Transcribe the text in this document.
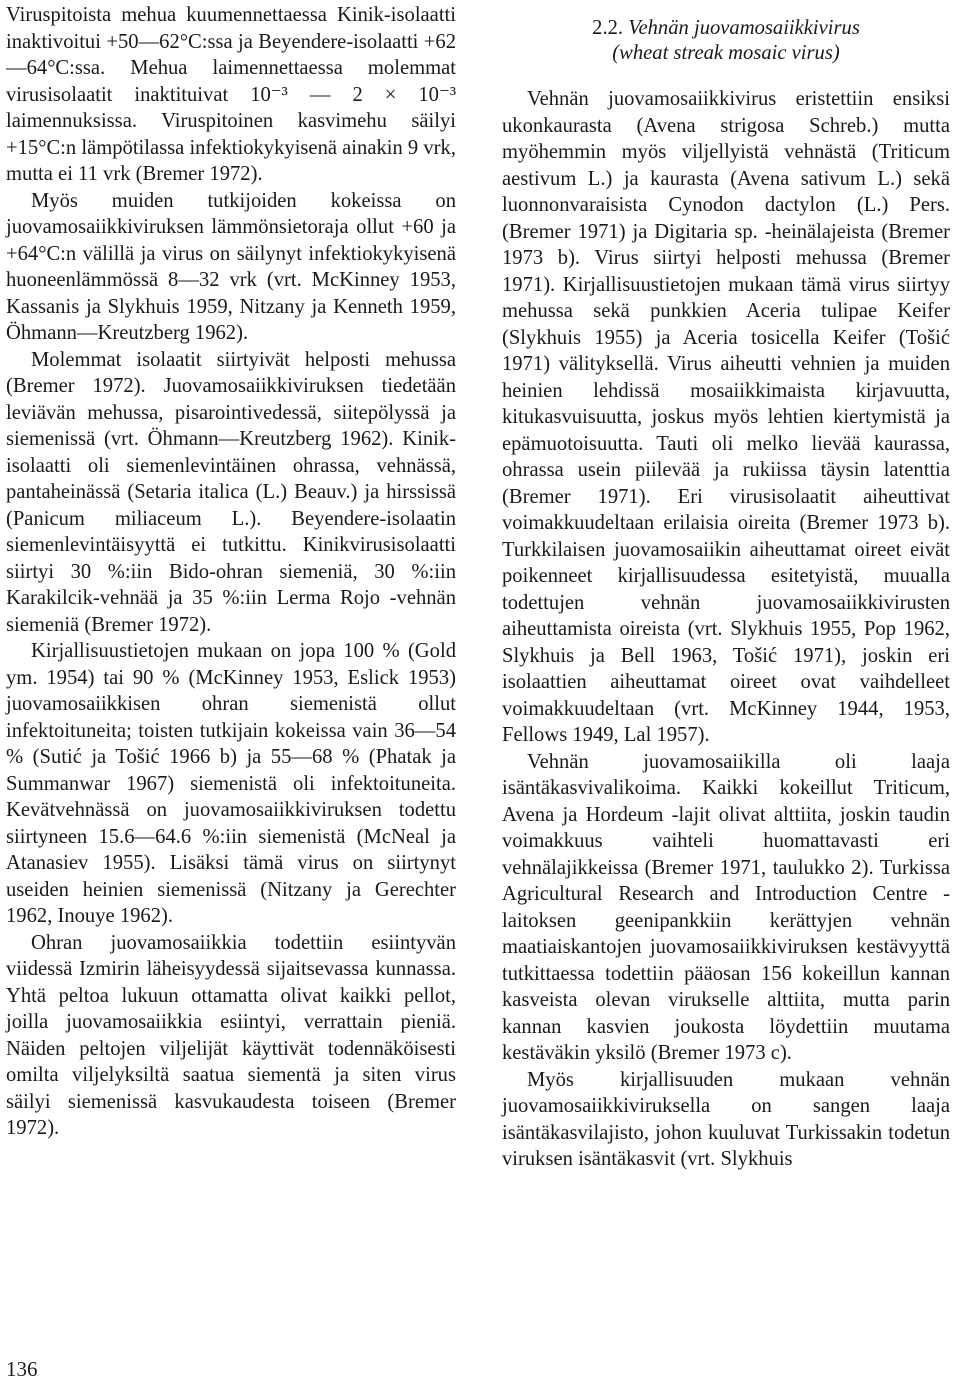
Viruspitoista mehua kuumennettaessa Kinik-isolaatti inaktivoitui +50—62°C:ssa ja Beyendere-isolaatti +62—64°C:ssa. Mehua laimennettaessa molemmat virusisolaatit inaktituivat 10⁻³ — 2 × 10⁻³ laimennuksissa. Viruspitoinen kasvimehu säilyi +15°C:n lämpötilassa infektiokykyisenä ainakin 9 vrk, mutta ei 11 vrk (Bremer 1972).

Myös muiden tutkijoiden kokeissa on juovamosaiikkiviruksen lämmönsietoraja ollut +60 ja +64°C:n välillä ja virus on säilynyt infektiokykyisenä huoneenlämmössä 8—32 vrk (vrt. McKinney 1953, Kassanis ja Slykhuis 1959, Nitzany ja Kenneth 1959, Öhmann—Kreutzberg 1962).

Molemmat isolaatit siirtyivät helposti mehussa (Bremer 1972). Juovamosaiikkiviruksen tiedetään leviävän mehussa, pisarointivedessä, siitepölyssä ja siemenissä (vrt. Öhmann—Kreutzberg 1962). Kinik-isolaatti oli siemenlevintäinen ohrassa, vehnässä, pantaheinässä (Setaria italica (L.) Beauv.) ja hirssissä (Panicum miliaceum L.). Beyendere-isolaatin siemenlevintäisyyttä ei tutkittu. Kinikvirusisolaatti siirtyi 30 %:iin Bido-ohran siemeniä, 30 %:iin Karakilcik-vehnää ja 35 %:iin Lerma Rojo -vehnän siemeniä (Bremer 1972).

Kirjallisuustietojen mukaan on jopa 100 % (Gold ym. 1954) tai 90 % (McKinney 1953, Eslick 1953) juovamosaiikkisen ohran siemenistä ollut infektoituneita; toisten tutkijain kokeissa vain 36—54 % (Sutić ja Tošić 1966 b) ja 55—68 % (Phatak ja Summanwar 1967) siemenistä oli infektoituneita. Kevätvehnässä on juovamosaiikkiviruksen todettu siirtyneen 15.6—64.6 %:iin siemenistä (McNeal ja Atanasiev 1955). Lisäksi tämä virus on siirtynyt useiden heinien siemenissä (Nitzany ja Gerechter 1962, Inouye 1962).

Ohran juovamosaiikkia todettiin esiintyvän viidessä Izmirin läheisyydessä sijaitsevassa kunnassa. Yhtä peltoa lukuun ottamatta olivat kaikki pellot, joilla juovamosaiikkia esiintyi, verrattain pieniä. Näiden peltojen viljelijät käyttivät todennäköisesti omilta viljelyksiltä saatua siementä ja siten virus säilyi siemenissä kasvukaudesta toiseen (Bremer 1972).

2.2. Vehnän juovamosaiikkivirus
(wheat streak mosaic virus)

Vehnän juovamosaiikkivirus eristettiin ensiksi ukonkaurasta (Avena strigosa Schreb.) mutta myöhemmin myös viljellyistä vehnästä (Triticum aestivum L.) ja kaurasta (Avena sativum L.) sekä luonnonvaraisista Cynodon dactylon (L.) Pers. (Bremer 1971) ja Digitaria sp. -heinälajeista (Bremer 1973 b). Virus siirtyi helposti mehussa (Bremer 1971). Kirjallisuustietojen mukaan tämä virus siirtyy mehussa sekä punkkien Aceria tulipae Keifer (Slykhuis 1955) ja Aceria tosicella Keifer (Tošić 1971) välityksellä. Virus aiheutti vehnien ja muiden heinien lehdissä mosaiikkimaista kirjavuutta, kitukasvuisuutta, joskus myös lehtien kiertymistä ja epämuotoisuutta. Tauti oli melko lievää kaurassa, ohrassa usein piilevää ja rukiissa täysin latenttia (Bremer 1971). Eri virusisolaatit aiheuttivat voimakkuudeltaan erilaisia oireita (Bremer 1973 b). Turkkilaisen juovamosaiikin aiheuttamat oireet eivät poikenneet kirjallisuudessa esitetyistä, muualla todettujen vehnän juovamosaiikkivirusten aiheuttamista oireista (vrt. Slykhuis 1955, Pop 1962, Slykhuis ja Bell 1963, Tošić 1971), joskin eri isolaattien aiheuttamat oireet ovat vaihdelleet voimakkuudeltaan (vrt. McKinney 1944, 1953, Fellows 1949, Lal 1957).

Vehnän juovamosaiikilla oli laaja isäntäkasvivalikoima. Kaikki kokeillut Triticum, Avena ja Hordeum -lajit olivat alttiita, joskin taudin voimakkuus vaihteli huomattavasti eri vehnälajikkeissa (Bremer 1971, taulukko 2). Turkissa Agricultural Research and Introduction Centre -laitoksen geenipankkiin kerättyjen vehnän maatiaiskantojen juovamosaiikkiviruksen kestävyyttä tutkittaessa todettiin pääosan 156 kokeillun kannan kasveista olevan virukselle alttiita, mutta parin kannan kasvien joukosta löydettiin muutama kestäväkin yksilö (Bremer 1973 c).

Myös kirjallisuuden mukaan vehnän juovamosaiikkiviruksella on sangen laaja isäntäkasvilajisto, johon kuuluvat Turkissakin todetun viruksen isäntäkasvit (vrt. Slykhuis

136
